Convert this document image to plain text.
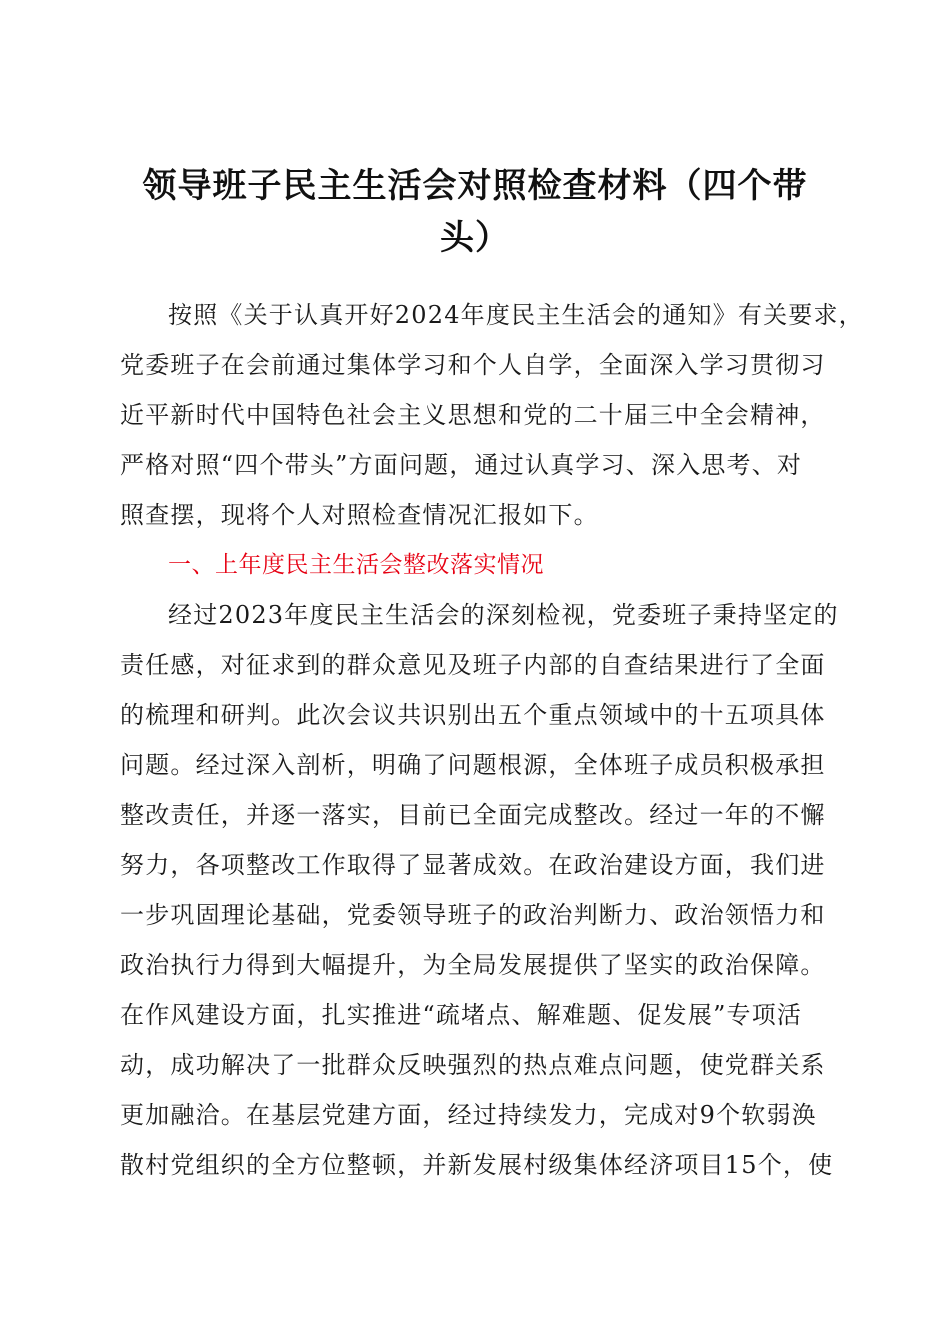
领导班子民主生活会对照检查材料（四个带
头）
按照《关于认真开好2024年度民主生活会的通知》有关要求，
党委班子在会前通过集体学习和个人自学，全面深入学习贯彻习
近平新时代中国特色社会主义思想和党的二十届三中全会精神，
严格对照“四个带头”方面问题，通过认真学习、深入思考、对
照查摆，现将个人对照检查情况汇报如下。
一、上年度民主生活会整改落实情况
经过2023年度民主生活会的深刻检视，党委班子秉持坚定的
责任感，对征求到的群众意见及班子内部的自查结果进行了全面
的梳理和研判。此次会议共识别出五个重点领域中的十五项具体
问题。经过深入剖析，明确了问题根源，全体班子成员积极承担
整改责任，并逐一落实，目前已全面完成整改。经过一年的不懈
努力，各项整改工作取得了显著成效。在政治建设方面，我们进
一步巩固理论基础，党委领导班子的政治判断力、政治领悟力和
政治执行力得到大幅提升，为全局发展提供了坚实的政治保障。
在作风建设方面，扎实推进“疏堵点、解难题、促发展”专项活
动，成功解决了一批群众反映强烈的热点难点问题，使党群关系
更加融洽。在基层党建方面，经过持续发力，完成对9个软弱涣
散村党组织的全方位整顿，并新发展村级集体经济项目15个，使
